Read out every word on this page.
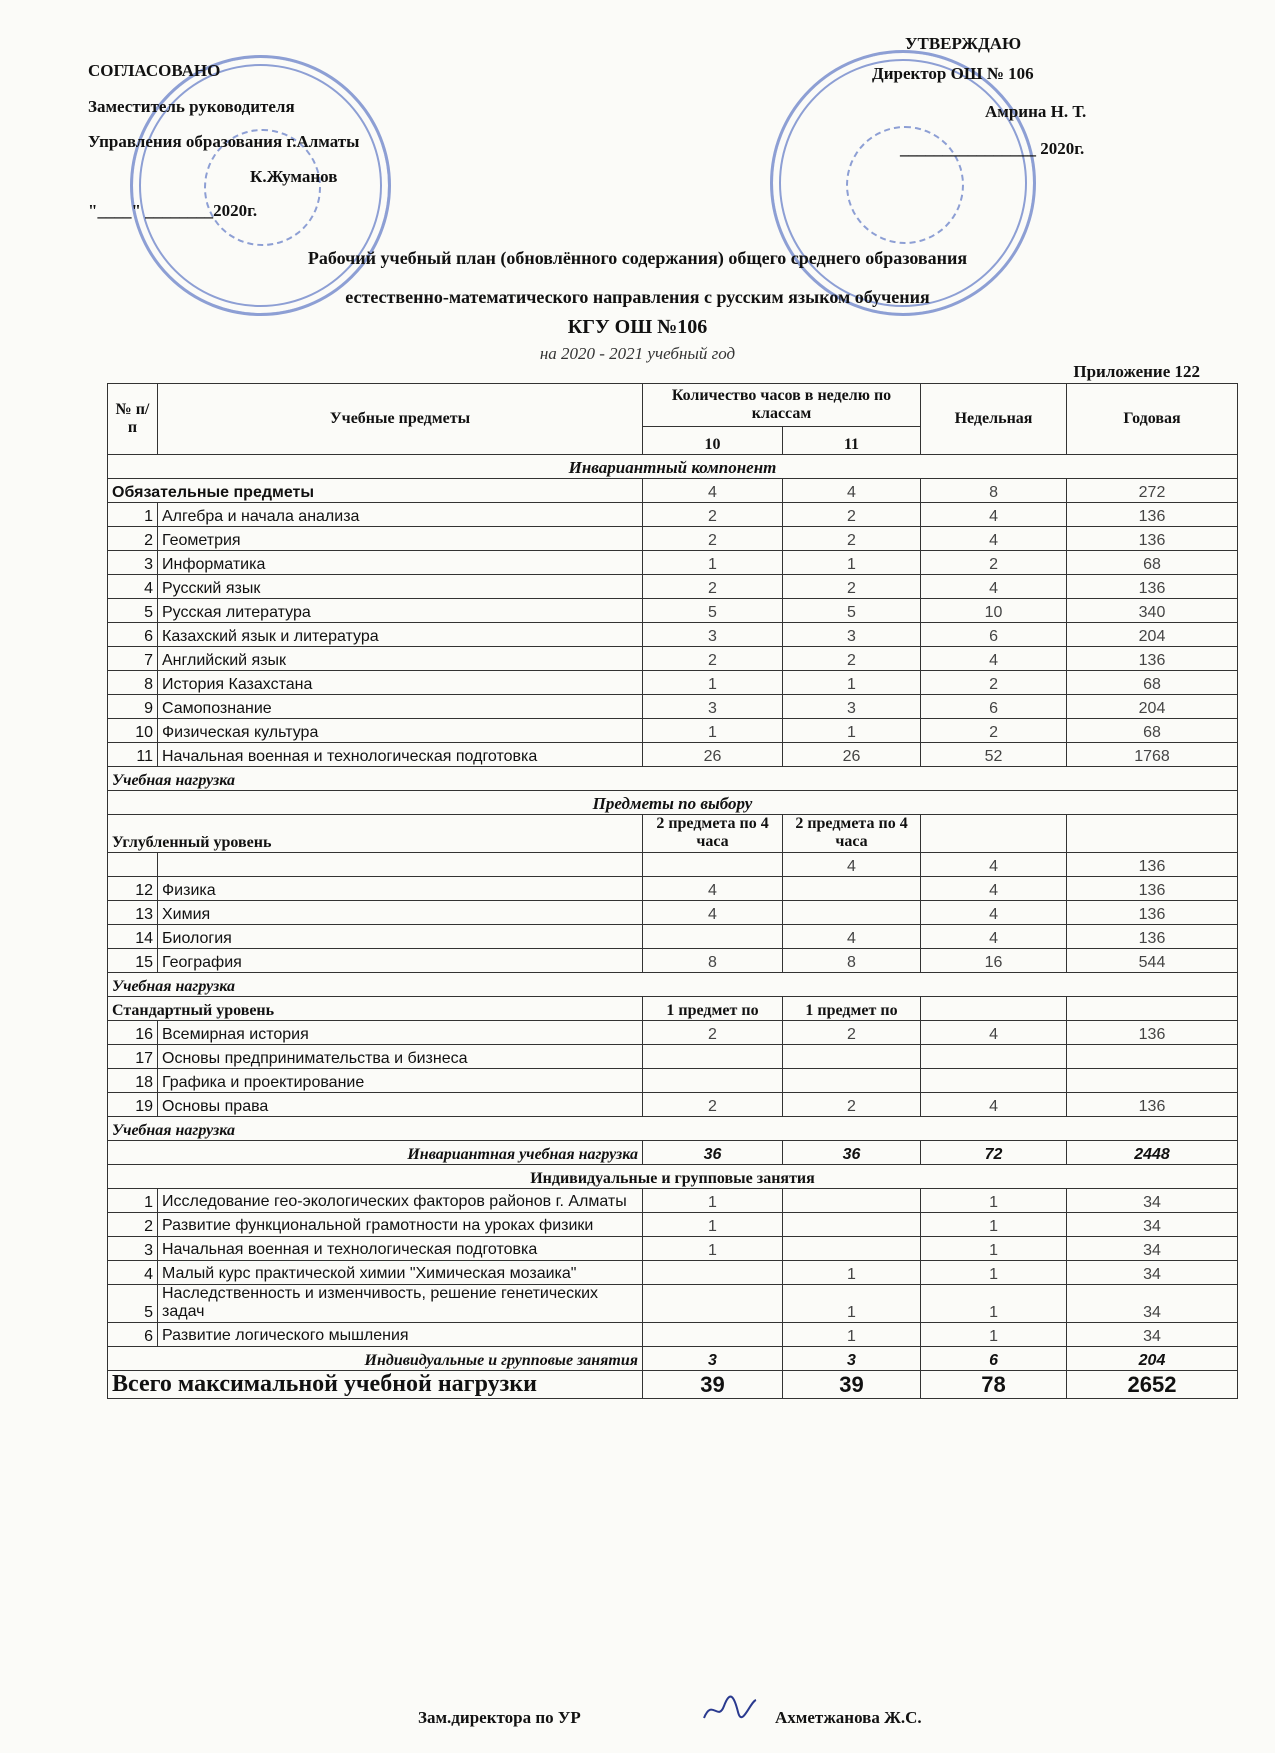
СОГЛАСОВАНО
Заместитель руководителя
Управления образования г.Алматы
К.Жуманов
"____" ________2020г.
УТВЕРЖДАЮ
Директор ОШ № 106
Амрина Н. Т.
________________ 2020г.
Рабочий учебный план (обновлённого содержания) общего среднего образования
естественно-математического направления с русским языком обучения
КГУ ОШ №106
на 2020 - 2021 учебный год
Приложение 122
№ п/п	Учебные предметы	Количество часов в неделю по классам		Недельная	Годовая
		10	11		
Инвариантный компонент					
Обязательные предметы		4	4	8	272
1	Алгебра и начала анализа	2	2	4	136
2	Геометрия	2	2	4	136
3	Информатика	1	1	2	68
4	Русский язык	2	2	4	136
5	Русская литература	5	5	10	340
6	Казахский язык и литература	3	3	6	204
7	Английский язык	2	2	4	136
8	История Казахстана	1	1	2	68
9	Самопознание	3	3	6	204
10	Физическая культура	1	1	2	68
11	Начальная военная и технологическая подготовка	26	26	52	1768
Учебная нагрузка					
Предметы по выбору					
Углубленный уровень		2 предмета по 4 часа	2 предмета по 4 часа		
			4	4	136
12	Физика	4		4	136
13	Химия	4		4	136
14	Биология		4	4	136
15	География	8	8	16	544
Учебная нагрузка					
Стандартный уровень		1 предмет по	1 предмет по		
16	Всемирная история	2	2	4	136
17	Основы предпринимательства и бизнеса				
18	Графика и проектирование				
19	Основы права	2	2	4	136
Учебная нагрузка					
Инвариантная учебная нагрузка		36	36	72	2448
Индивидуальные и групповые занятия					
1	Исследование гео-экологических факторов районов г. Алматы	1		1	34
2	Развитие функциональной грамотности на уроках физики	1		1	34
3	Начальная военная и технологическая подготовка	1		1	34
4	Малый курс практической химии "Химическая мозаика"		1	1	34
5	Наследственность и изменчивость, решение генетических задач		1	1	34
6	Развитие логического мышления		1	1	34
Индивидуальные и групповые занятия		3	3	6	204
Всего максимальной учебной нагрузки		39	39	78	2652
Зам.директора по УР	Ахметжанова Ж.С.
